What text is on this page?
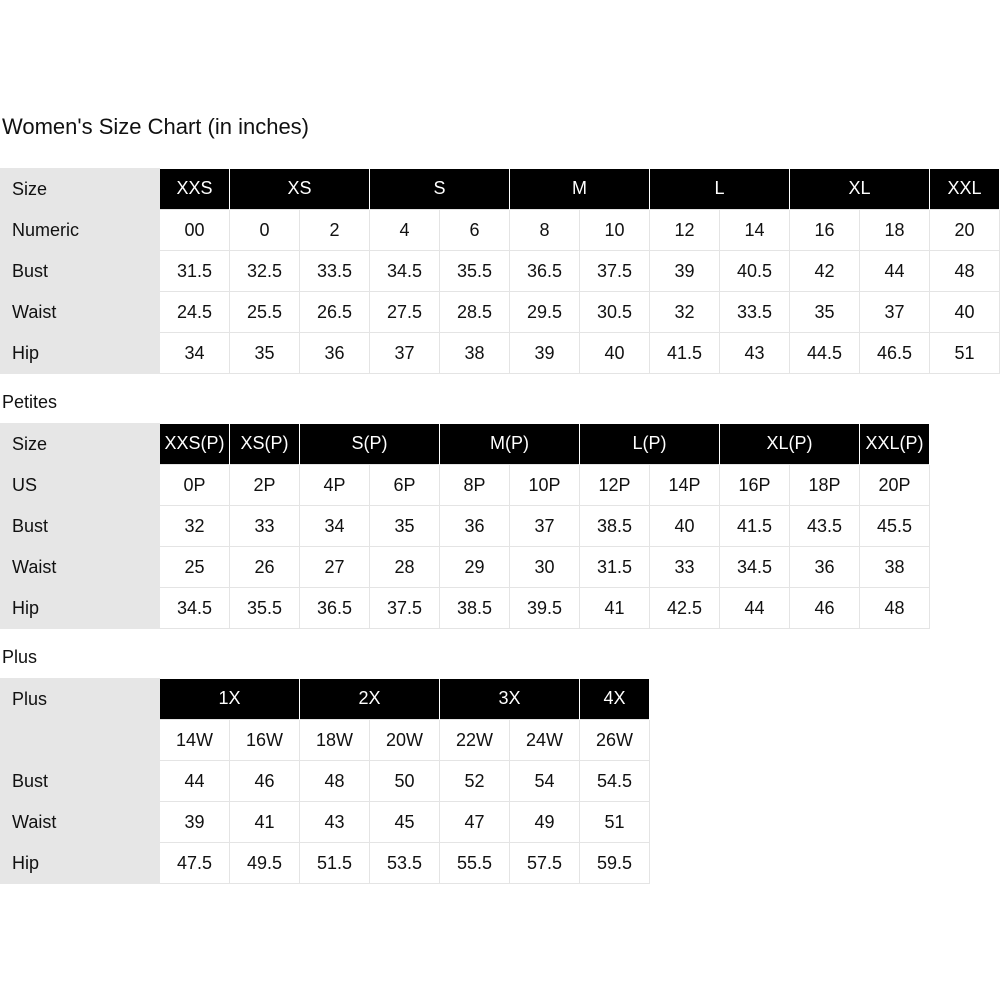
Women's Size Chart (in inches)
Size	XXS	XS		S		M		L		XL		XXL
Numeric	00	0	2	4	6	8	10	12	14	16	18	20
Bust	31.5	32.5	33.5	34.5	35.5	36.5	37.5	39	40.5	42	44	48
Waist	24.5	25.5	26.5	27.5	28.5	29.5	30.5	32	33.5	35	37	40
Hip	34	35	36	37	38	39	40	41.5	43	44.5	46.5	51
Petites
Size	XXS(P)	XS(P)	S(P)		M(P)		L(P)		XL(P)		XXL(P)
US	0P	2P	4P	6P	8P	10P	12P	14P	16P	18P	20P
Bust	32	33	34	35	36	37	38.5	40	41.5	43.5	45.5
Waist	25	26	27	28	29	30	31.5	33	34.5	36	38
Hip	34.5	35.5	36.5	37.5	38.5	39.5	41	42.5	44	46	48
Plus
Plus	1X		2X		3X		4X
	14W	16W	18W	20W	22W	24W	26W
Bust	44	46	48	50	52	54	54.5
Waist	39	41	43	45	47	49	51
Hip	47.5	49.5	51.5	53.5	55.5	57.5	59.5
